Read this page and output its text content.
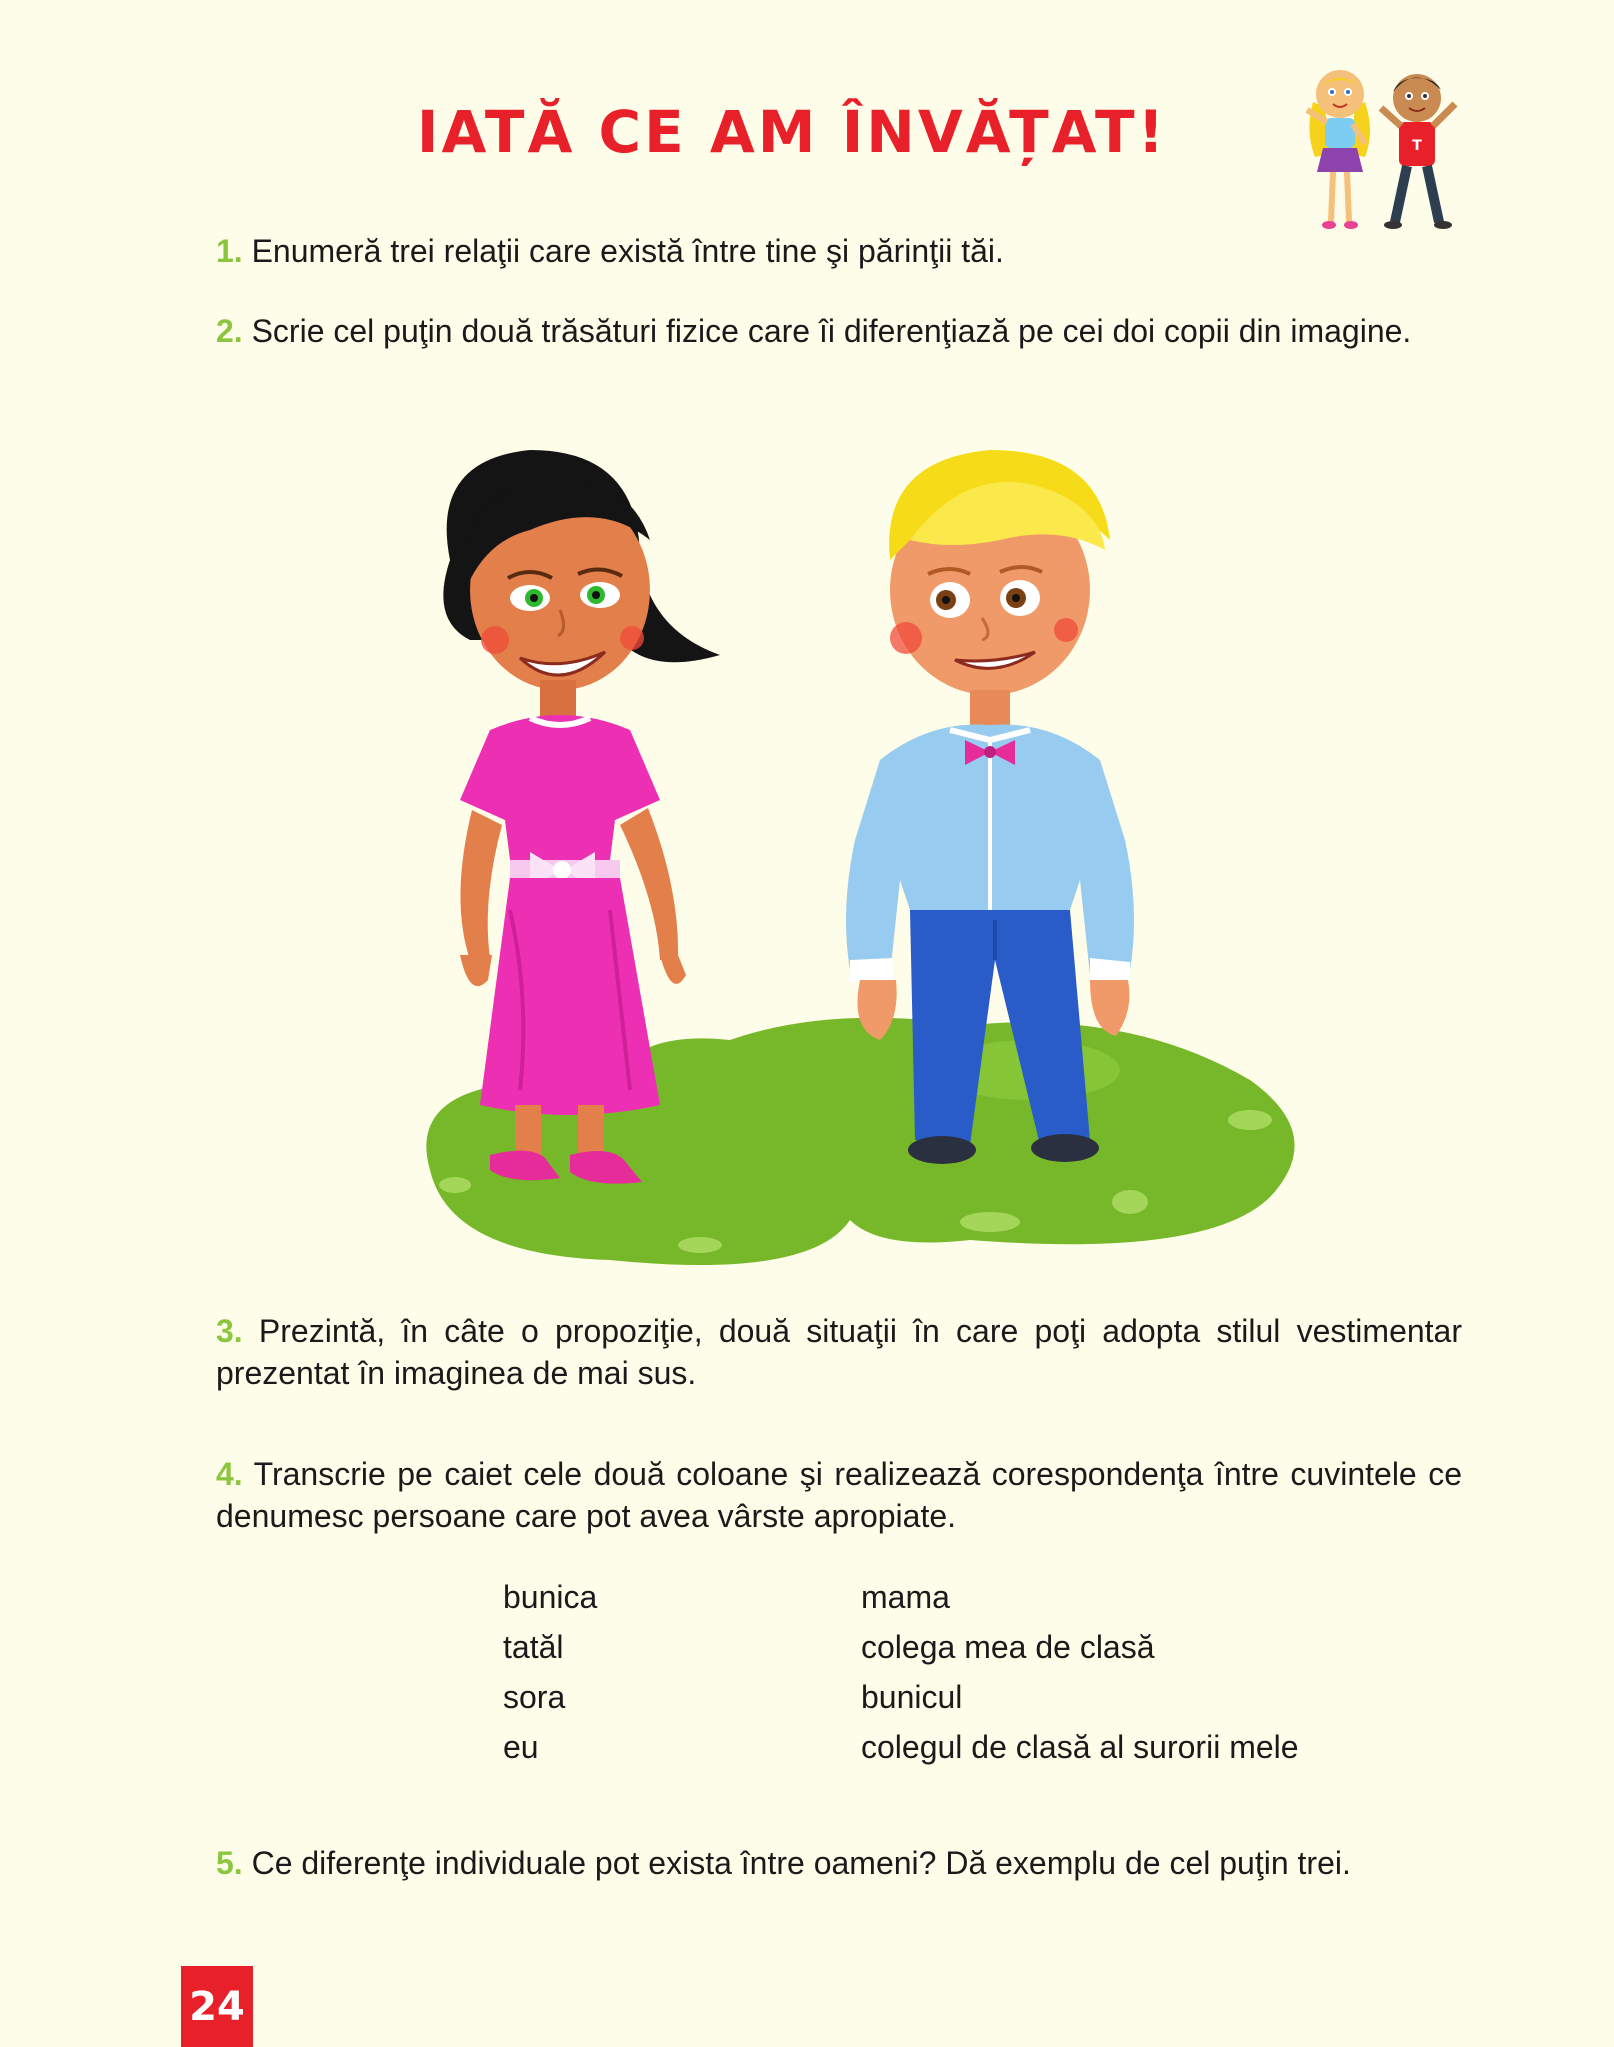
IATĂ CE AM ÎNVĂȚAT!	T
1. Enumeră trei relaţii care există între tine şi părinţii tăi.
2. Scrie cel puţin două trăsături fizice care îi diferenţiază pe cei doi copii din imagine.
3. Prezintă, în câte o propoziţie, două situaţii în care poţi adopta stilul vestimentar prezentat în imaginea de mai sus.
4. Transcrie pe caiet cele două coloane şi realizează corespondenţa între cuvintele ce denumesc persoane care pot avea vârste apropiate.
bunica
tatăl
sora
eu
mama
colega mea de clasă
bunicul
colegul de clasă al surorii mele
5. Ce diferenţe individuale pot exista între oameni? Dă exemplu de cel puţin trei.
24
